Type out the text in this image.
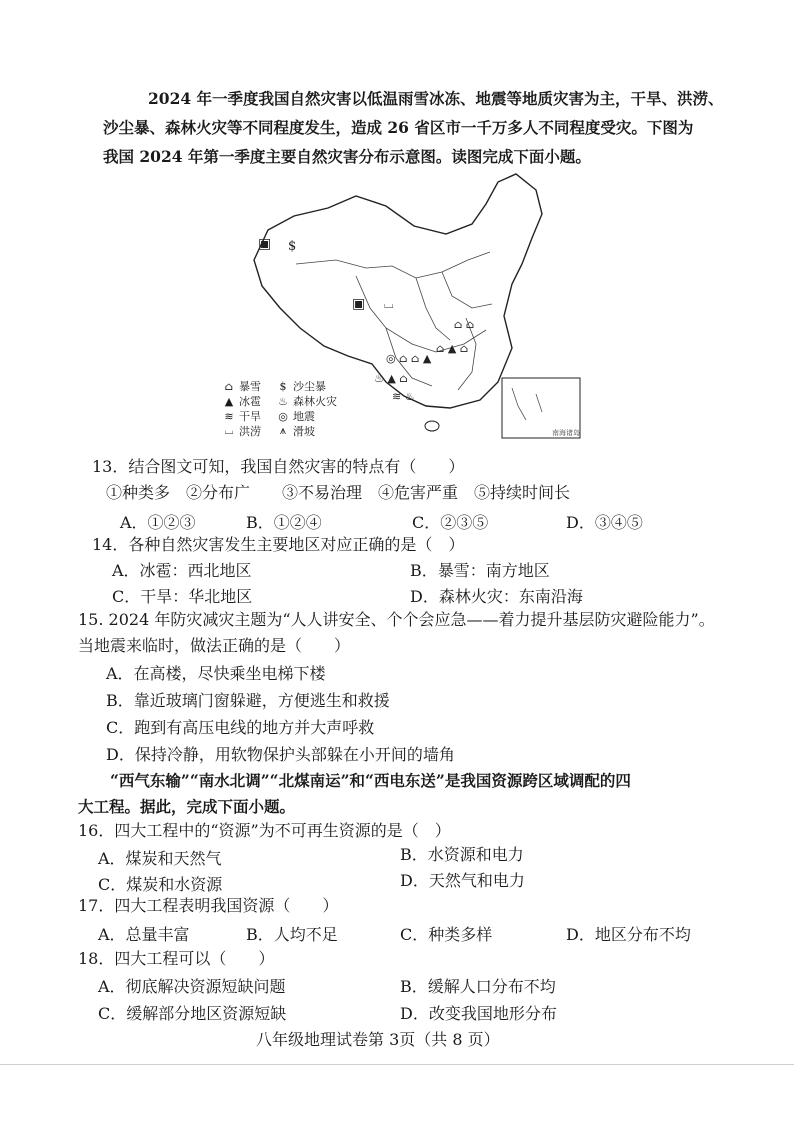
2024 年一季度我国自然灾害以低温雨雪冰冻、地震等地质灾害为主，干旱、洪涝、
沙尘暴、森林火灾等不同程度发生，造成 26 省区市一千万多人不同程度受灾。下图为
我国 2024 年第一季度主要自然灾害分布示意图。读图完成下面小题。
▣ $
▣ ⌴
⌂ ⌂
⌂ ▲ ⌂
◎ ⌂ ⌂ ▲
♨ ▲ ⌂
≋ ♨
南海诸岛
⌂ 暴雪	$ 沙尘暴
▲ 冰雹 ♨ 森林火灾
≋ 干旱 ◎ 地震
⌴ 洪涝	⩚ 滑坡
13．结合图文可知，我国自然灾害的特点有（　　）
①种类多　②分布广　　③不易治理　④危害严重　⑤持续时间长
A．①②③	B．①②④	C．②③⑤	D．③④⑤
14．各种自然灾害发生主要地区对应正确的是（　）
A．冰雹：西北地区	B．暴雪：南方地区
C．干旱：华北地区	D．森林火灾：东南沿海
15. 2024 年防灾减灾主题为“人人讲安全、个个会应急——着力提升基层防灾避险能力”。
当地震来临时，做法正确的是（　　）
A．在高楼，尽快乘坐电梯下楼
B．靠近玻璃门窗躲避，方便逃生和救援
C．跑到有高压电线的地方并大声呼救
D．保持冷静，用软物保护头部躲在小开间的墙角
“西气东输”“南水北调”“北煤南运”和“西电东送”是我国资源跨区域调配的四
大工程。据此，完成下面小题。
16．四大工程中的“资源”为不可再生资源的是（　）
A．煤炭和天然气	B．水资源和电力
C．煤炭和水资源	D．天然气和电力
17．四大工程表明我国资源（　　）
A．总量丰富	B．人均不足	C．种类多样	D．地区分布不均
18．四大工程可以（　　）
A．彻底解决资源短缺问题	B．缓解人口分布不均
C．缓解部分地区资源短缺	D．改变我国地形分布
八年级地理试卷第 3页（共 8 页）
